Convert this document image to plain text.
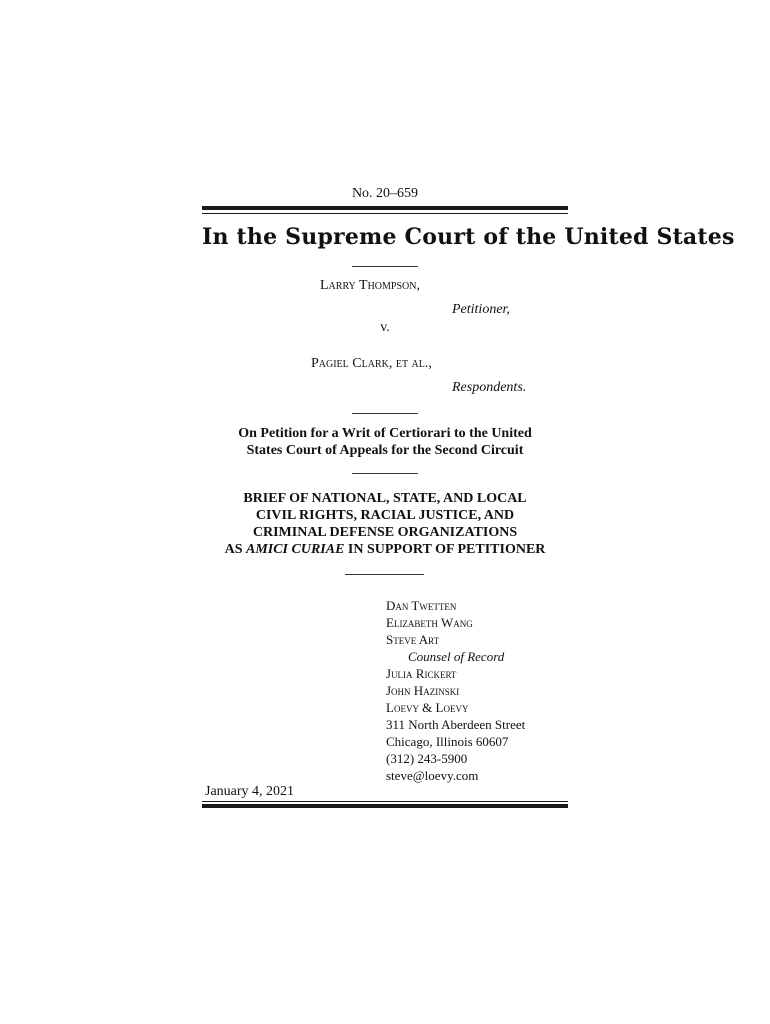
No. 20–659
In the Supreme Court of the United States
Larry Thompson,
Petitioner,
v.
Pagiel Clark, et al.,
Respondents.
On Petition for a Writ of Certiorari to the United
States Court of Appeals for the Second Circuit
BRIEF OF NATIONAL, STATE, AND LOCAL
CIVIL RIGHTS, RACIAL JUSTICE, AND
CRIMINAL DEFENSE ORGANIZATIONS
AS AMICI CURIAE IN SUPPORT OF PETITIONER
Dan Twetten
Elizabeth Wang
Steve Art
Counsel of Record
Julia Rickert
John Hazinski
Loevy & Loevy
311 North Aberdeen Street
Chicago, Illinois 60607
(312) 243-5900
steve@loevy.com
January 4, 2021
